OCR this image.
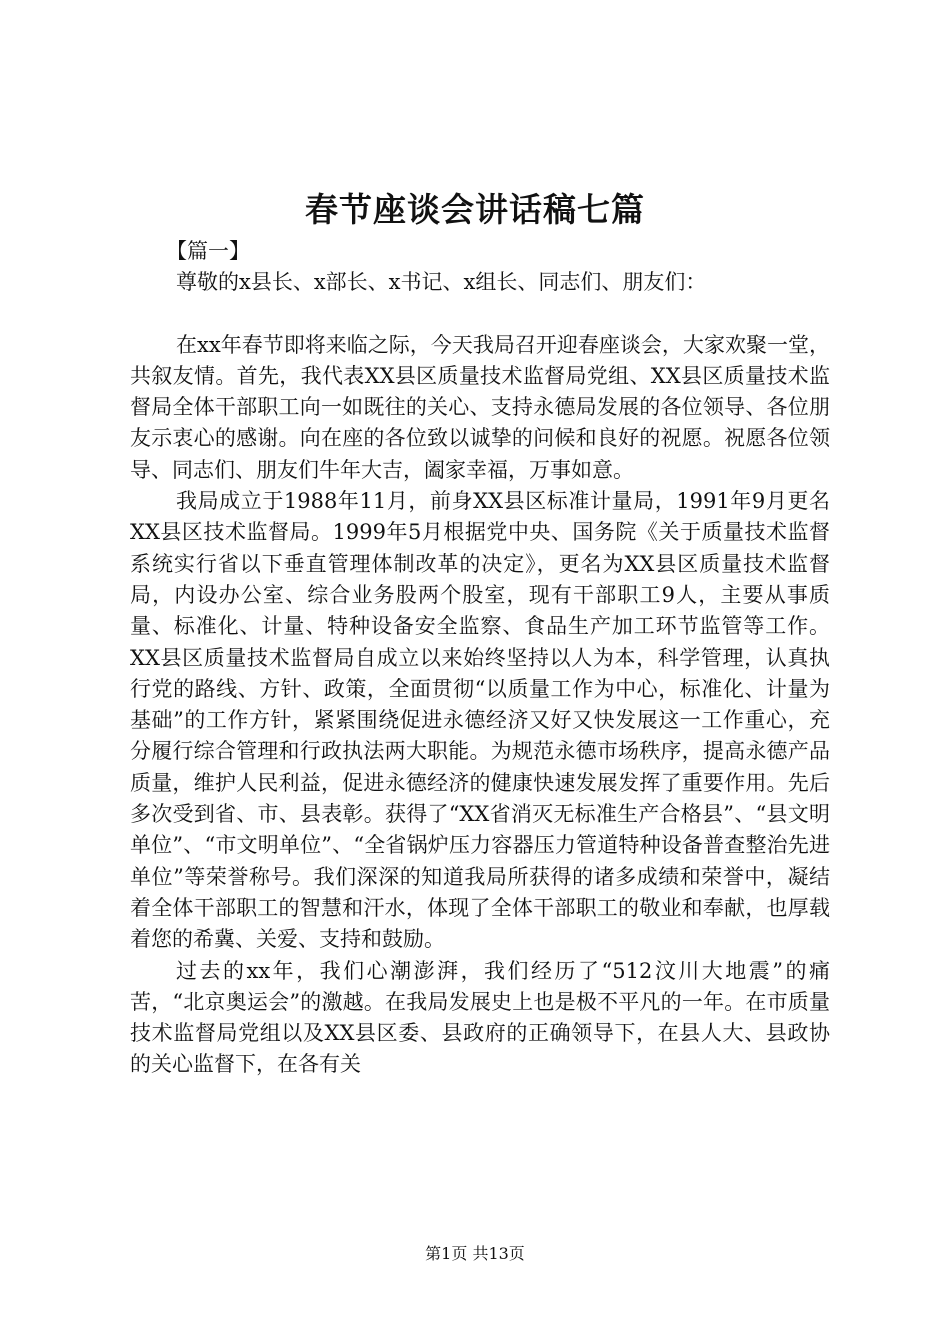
春节座谈会讲话稿七篇

【篇一】

尊敬的x县长、x部长、x书记、x组长、同志们、朋友们：

在xx年春节即将来临之际，今天我局召开迎春座谈会，大家欢聚一堂，共叙友情。首先，我代表XX县区质量技术监督局党组、XX县区质量技术监督局全体干部职工向一如既往的关心、支持永德局发展的各位领导、各位朋友示衷心的感谢。向在座的各位致以诚挚的问候和良好的祝愿。祝愿各位领导、同志们、朋友们牛年大吉，阖家幸福，万事如意。

我局成立于1988年11月，前身XX县区标准计量局，1991年9月更名XX县区技术监督局。1999年5月根据党中央、国务院《关于质量技术监督系统实行省以下垂直管理体制改革的决定》，更名为XX县区质量技术监督局，内设办公室、综合业务股两个股室，现有干部职工9人，主要从事质量、标准化、计量、特种设备安全监察、食品生产加工环节监管等工作。XX县区质量技术监督局自成立以来始终坚持以人为本，科学管理，认真执行党的路线、方针、政策，全面贯彻“以质量工作为中心，标准化、计量为基础”的工作方针，紧紧围绕促进永德经济又好又快发展这一工作重心，充分履行综合管理和行政执法两大职能。为规范永德市场秩序，提高永德产品质量，维护人民利益，促进永德经济的健康快速发展发挥了重要作用。先后多次受到省、市、县表彰。获得了“XX省消灭无标准生产合格县”、“县文明单位”、“市文明单位”、“全省锅炉压力容器压力管道特种设备普查整治先进单位”等荣誉称号。我们深深的知道我局所获得的诸多成绩和荣誉中，凝结着全体干部职工的智慧和汗水，体现了全体干部职工的敬业和奉献，也厚载着您的希冀、关爱、支持和鼓励。

过去的xx年，我们心潮澎湃，我们经历了“512汶川大地震”的痛苦，“北京奥运会”的激越。在我局发展史上也是极不平凡的一年。在市质量技术监督局党组以及XX县区委、县政府的正确领导下，在县人大、县政协的关心监督下，在各有关

第1页 共13页
